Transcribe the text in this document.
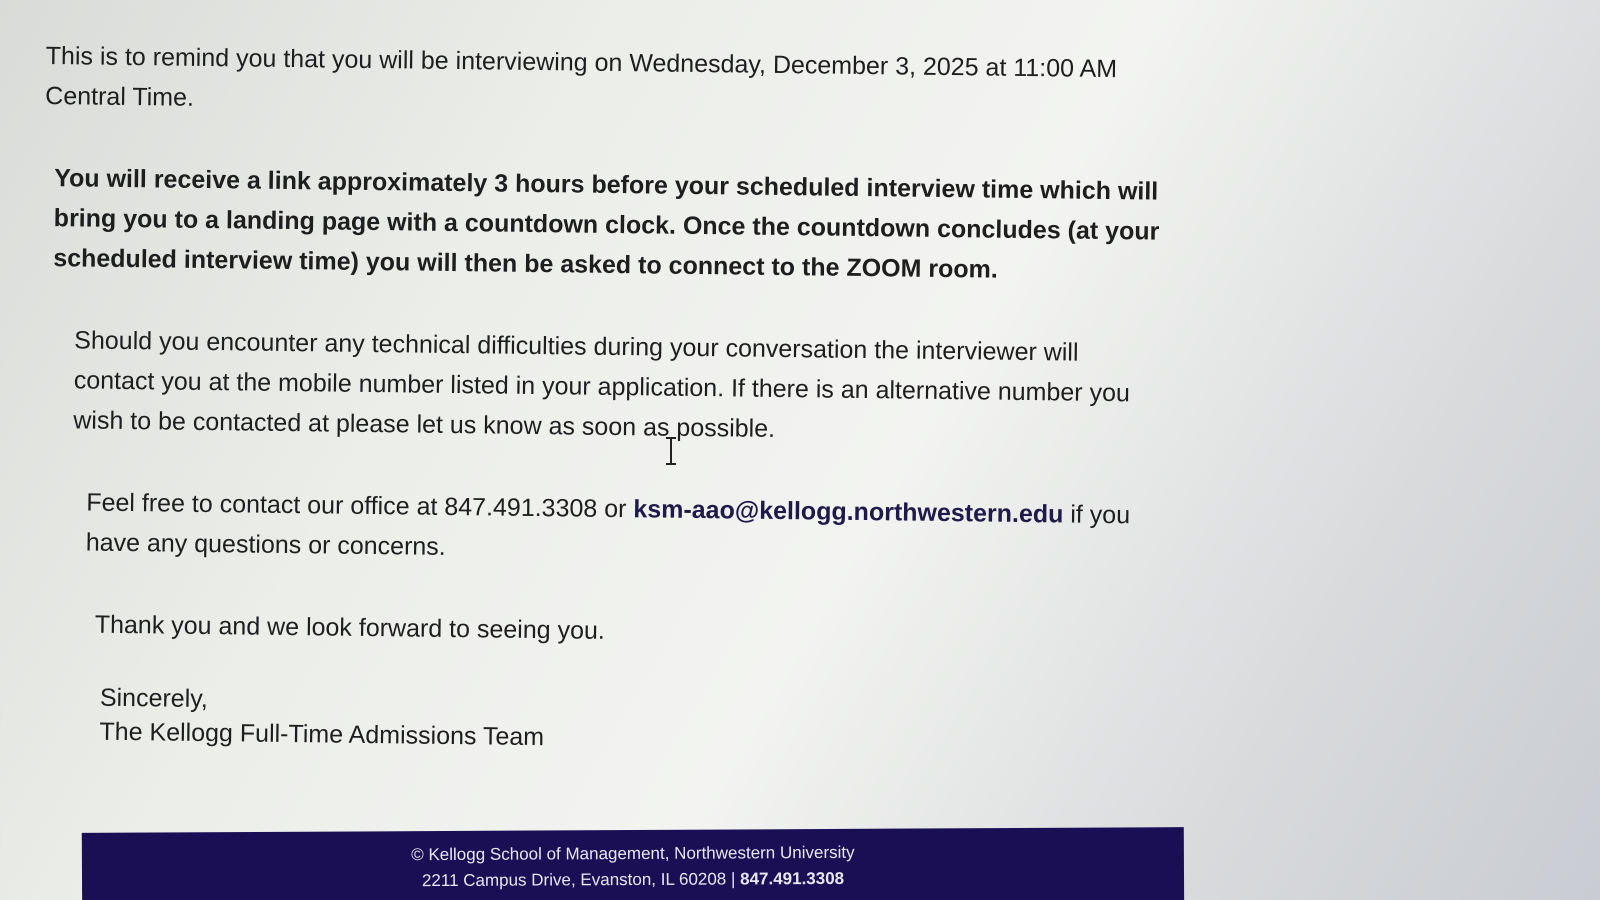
This is to remind you that you will be interviewing on Wednesday, December 3, 2025 at 11:00 AM Central Time.

You will receive a link approximately 3 hours before your scheduled interview time which will bring you to a landing page with a countdown clock. Once the countdown concludes (at your scheduled interview time) you will then be asked to connect to the ZOOM room.

Should you encounter any technical difficulties during your conversation the interviewer will contact you at the mobile number listed in your application. If there is an alternative number you wish to be contacted at please let us know as soon as possible.

Feel free to contact our office at 847.491.3308 or ksm-aao@kellogg.northwestern.edu if you have any questions or concerns.

Thank you and we look forward to seeing you.

Sincerely,
The Kellogg Full-Time Admissions Team
© Kellogg School of Management, Northwestern University
2211 Campus Drive, Evanston, IL 60208 | 847.491.3308
